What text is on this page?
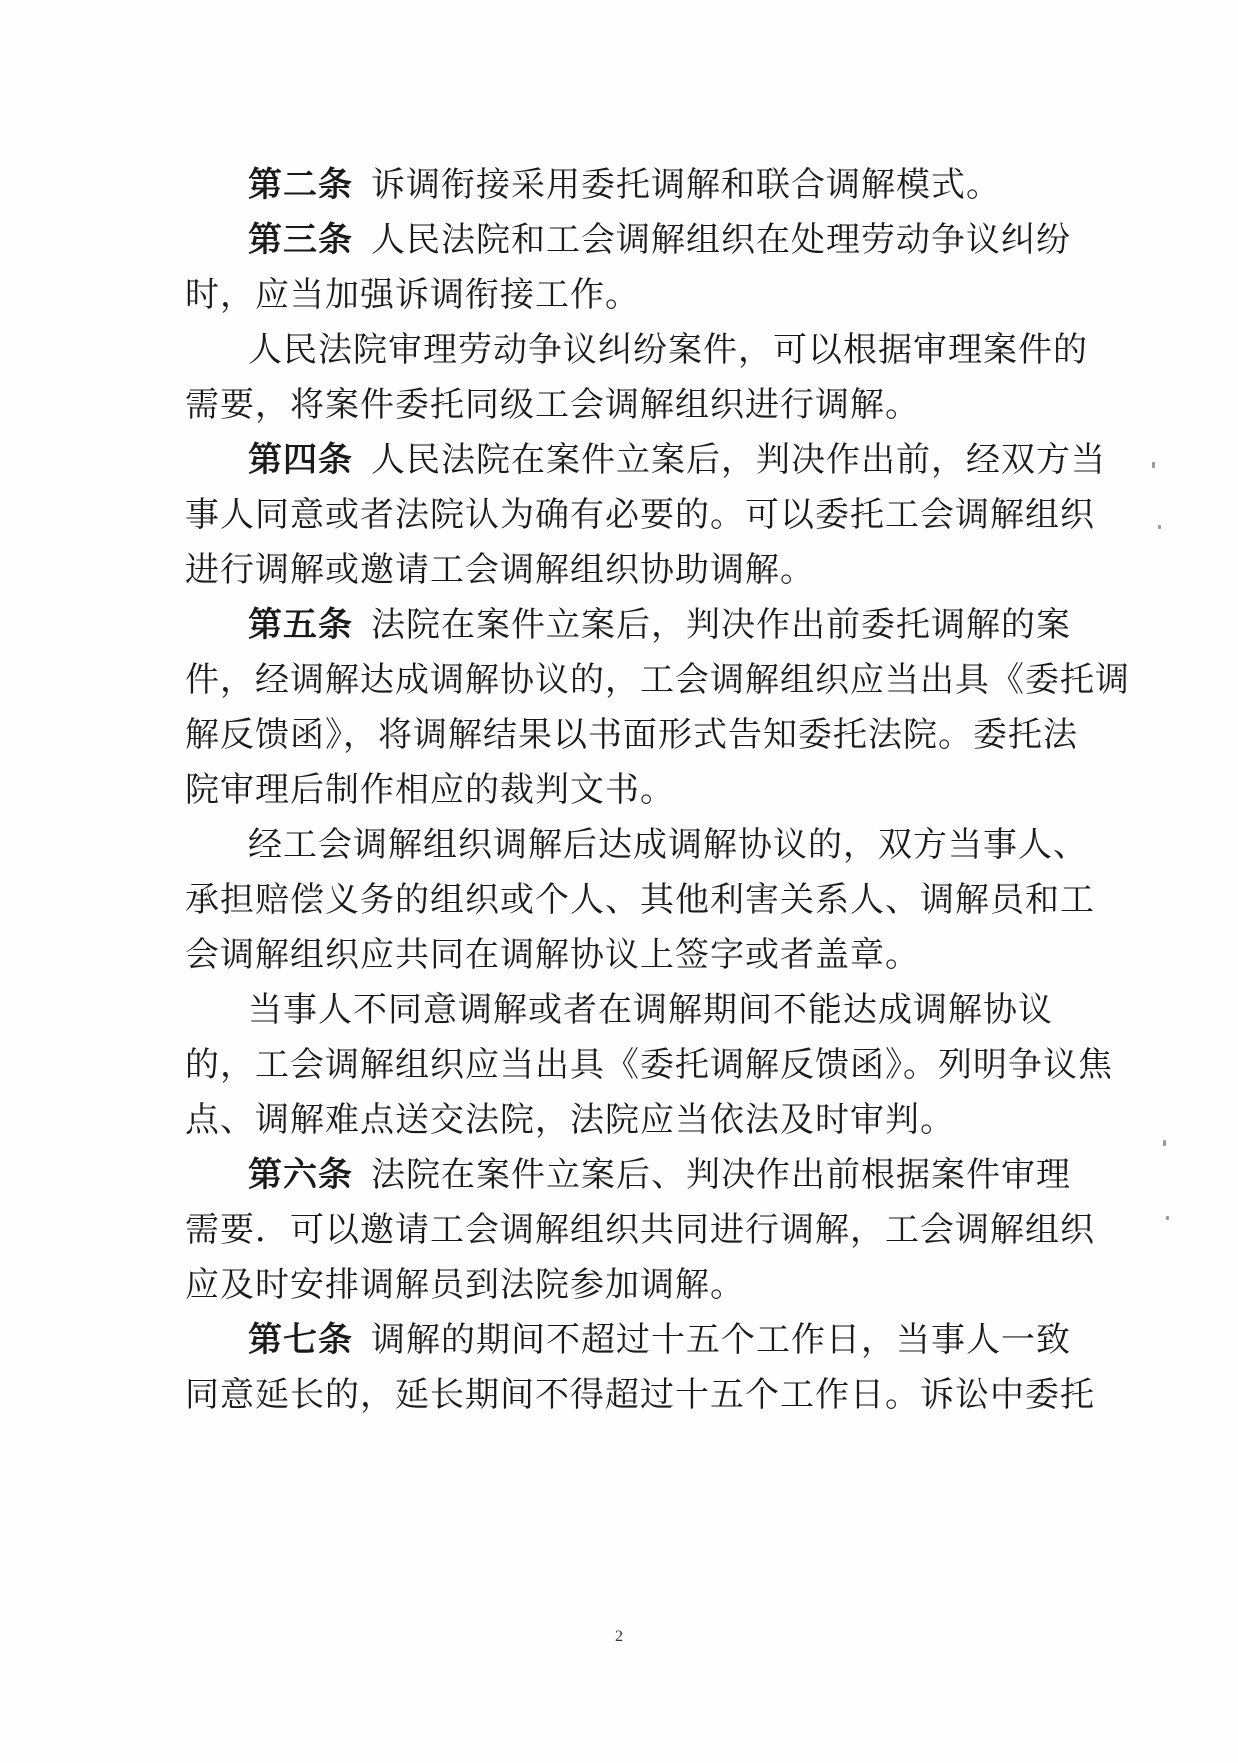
第二条 诉调衔接采用委托调解和联合调解模式。
第三条 人民法院和工会调解组织在处理劳动争议纠纷
时，应当加强诉调衔接工作。
人民法院审理劳动争议纠纷案件，可以根据审理案件的
需要，将案件委托同级工会调解组织进行调解。
第四条 人民法院在案件立案后，判决作出前，经双方当
事人同意或者法院认为确有必要的。可以委托工会调解组织
进行调解或邀请工会调解组织协助调解。
第五条 法院在案件立案后，判决作出前委托调解的案
件，经调解达成调解协议的，工会调解组织应当出具《委托调
解反馈函》，将调解结果以书面形式告知委托法院。委托法
院审理后制作相应的裁判文书。
经工会调解组织调解后达成调解协议的，双方当事人、
承担赔偿义务的组织或个人、其他利害关系人、调解员和工
会调解组织应共同在调解协议上签字或者盖章。
当事人不同意调解或者在调解期间不能达成调解协议
的，工会调解组织应当出具《委托调解反馈函》。列明争议焦
点、调解难点送交法院，法院应当依法及时审判。
第六条 法院在案件立案后、判决作出前根据案件审理
需要．可以邀请工会调解组织共同进行调解，工会调解组织
应及时安排调解员到法院参加调解。
第七条 调解的期间不超过十五个工作日，当事人一致
同意延长的，延长期间不得超过十五个工作日。诉讼中委托
2
